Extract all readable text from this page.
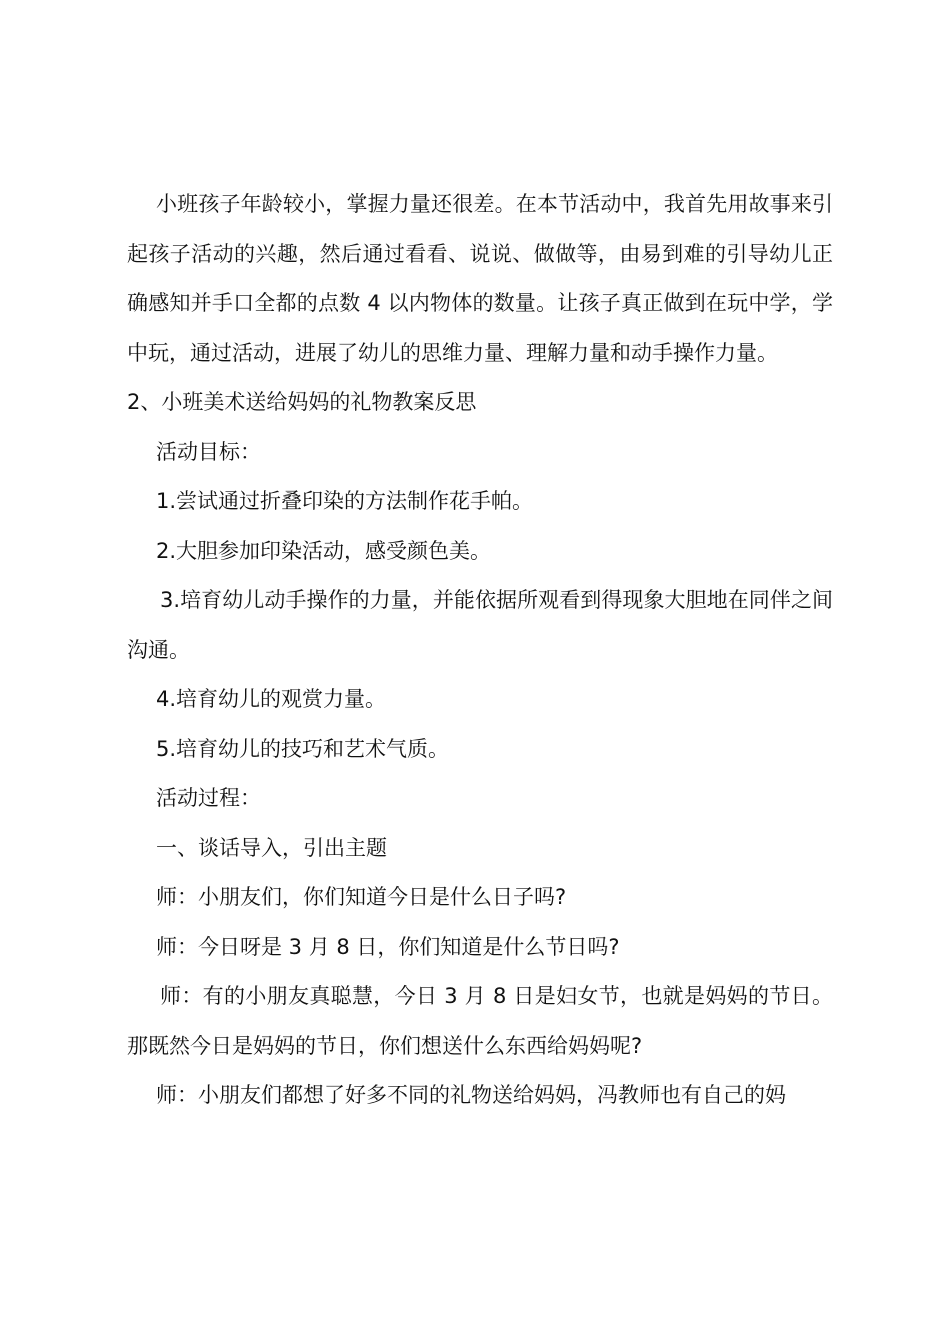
小班孩子年龄较小，掌握力量还很差。在本节活动中，我首先用故事来引起孩子活动的兴趣，然后通过看看、说说、做做等，由易到难的引导幼儿正确感知并手口全都的点数 4 以内物体的数量。让孩子真正做到在玩中学，学中玩，通过活动，进展了幼儿的思维力量、理解力量和动手操作力量。

2、小班美术送给妈妈的礼物教案反思

活动目标：

1.尝试通过折叠印染的方法制作花手帕。

2.大胆参加印染活动，感受颜色美。

3.培育幼儿动手操作的力量，并能依据所观看到得现象大胆地在同伴之间沟通。

4.培育幼儿的观赏力量。

5.培育幼儿的技巧和艺术气质。

活动过程：

一、谈话导入，引出主题

师：小朋友们，你们知道今日是什么日子吗?

师：今日呀是 3 月 8 日，你们知道是什么节日吗?

师：有的小朋友真聪慧，今日 3 月 8 日是妇女节，也就是妈妈的节日。那既然今日是妈妈的节日，你们想送什么东西给妈妈呢?

师：小朋友们都想了好多不同的礼物送给妈妈，冯教师也有自己的妈
